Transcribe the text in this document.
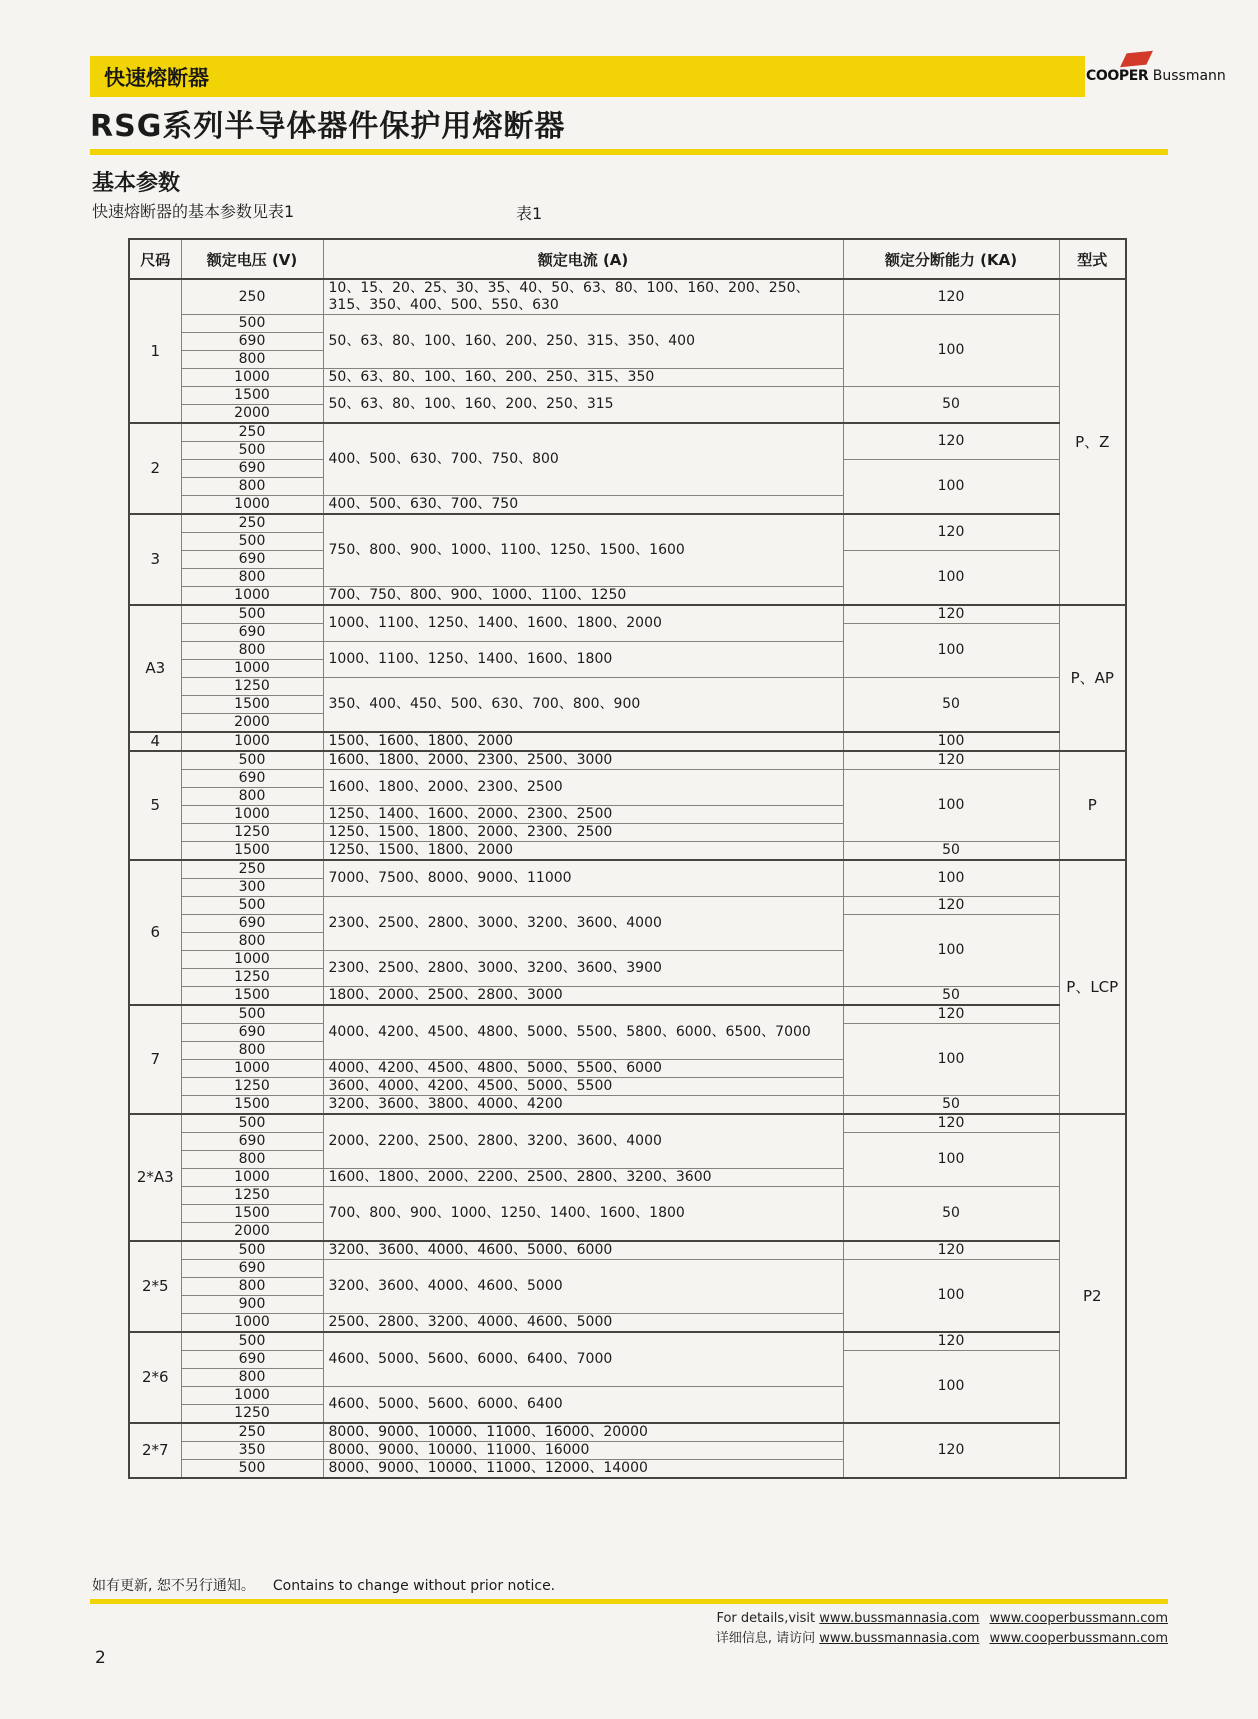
快速熔断器	COOPER Bussmann
RSG系列半导体器件保护用熔断器
基本参数
快速熔断器的基本参数见表1	表1
尺码	额定电压 (V)	额定电流 (A)	额定分断能力 (KA)	型式
1	250	10、15、20、25、30、35、40、50、63、80、100、160、200、250、315、350、400、500、550、630	120	P、Z
	500	50、63、80、100、160、200、250、315、350、400	100	
	690			
	800			
	1000	50、63、80、100、160、200、250、315、350		
	1500	50、63、80、100、160、200、250、315	50	
	2000			
2	250	400、500、630、700、750、800	120	
	500			
	690		100	
	800			
	1000	400、500、630、700、750		
3	250	750、800、900、1000、1100、1250、1500、1600	120	
	500			
	690		100	
	800			
	1000	700、750、800、900、1000、1100、1250		
A3	500	1000、1100、1250、1400、1600、1800、2000	120	P、AP
	690		100	
	800	1000、1100、1250、1400、1600、1800		
	1000			
	1250	350、400、450、500、630、700、800、900	50	
	1500			
	2000			
4	1000	1500、1600、1800、2000	100	
5	500	1600、1800、2000、2300、2500、3000	120	P
	690	1600、1800、2000、2300、2500	100	
	800			
	1000	1250、1400、1600、2000、2300、2500		
	1250	1250、1500、1800、2000、2300、2500		
	1500	1250、1500、1800、2000	50	
6	250	7000、7500、8000、9000、11000	100	P、LCP
	300			
	500	2300、2500、2800、3000、3200、3600、4000	120	
	690		100	
	800			
	1000	2300、2500、2800、3000、3200、3600、3900		
	1250			
	1500	1800、2000、2500、2800、3000	50	
7	500	4000、4200、4500、4800、5000、5500、5800、6000、6500、7000	120	
	690		100	
	800			
	1000	4000、4200、4500、4800、5000、5500、6000		
	1250	3600、4000、4200、4500、5000、5500		
	1500	3200、3600、3800、4000、4200	50	
2*A3	500	2000、2200、2500、2800、3200、3600、4000	120	P2
	690		100	
	800			
	1000	1600、1800、2000、2200、2500、2800、3200、3600		
	1250	700、800、900、1000、1250、1400、1600、1800	50	
	1500			
	2000			
2*5	500	3200、3600、4000、4600、5000、6000	120	
	690	3200、3600、4000、4600、5000	100	
	800			
	900			
	1000	2500、2800、3200、4000、4600、5000		
2*6	500	4600、5000、5600、6000、6400、7000	120	
	690		100	
	800			
	1000	4600、5000、5600、6000、6400		
	1250			
2*7	250	8000、9000、10000、11000、16000、20000	120	
	350	8000、9000、10000、11000、16000		
	500	8000、9000、10000、11000、12000、14000		
如有更新, 恕不另行通知。 Contains to change without prior notice.
For details,visit www.bussmannasia.com www.cooperbussmann.com
详细信息, 请访问 www.bussmannasia.com www.cooperbussmann.com
2
